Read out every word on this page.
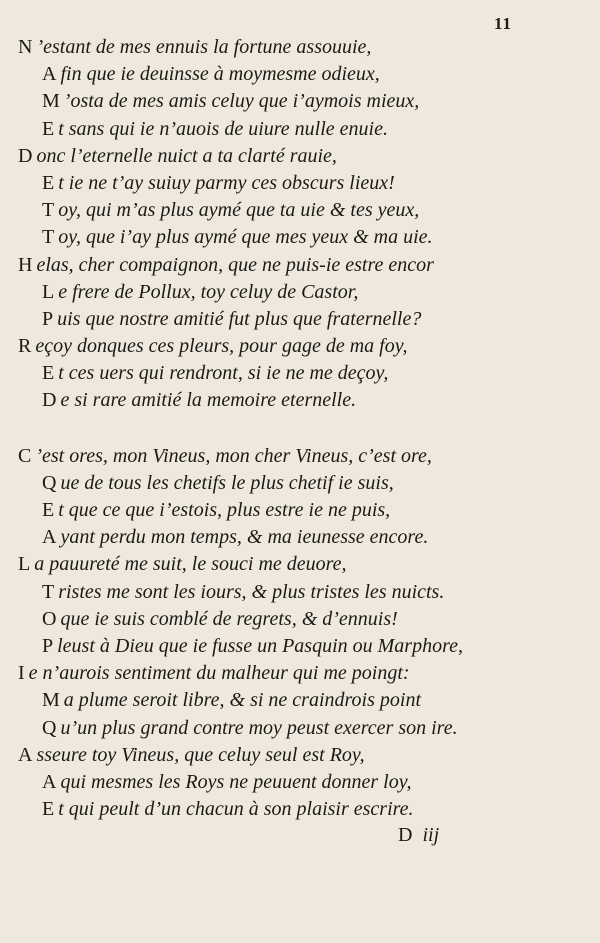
11
N ’estant de mes ennuis la fortune assouuie,
A fin que ie deuinsse à moymesme odieux,
M ’osta de mes amis celuy que i’aymois mieux,
E t sans qui ie n’auois de uiure nulle enuie.
D onc l’eternelle nuict a ta clarté rauie,
E t ie ne t’ay suiuy parmy ces obscurs lieux!
T oy, qui m’as plus aymé que ta uie & tes yeux,
T oy, que i’ay plus aymé que mes yeux & ma uie.
H elas, cher compaignon, que ne puis-ie estre encor
L e frere de Pollux, toy celuy de Castor,
P uis que nostre amitié fut plus que fraternelle?
R eçoy donques ces pleurs, pour gage de ma foy,
E t ces uers qui rendront, si ie ne me deçoy,
D e si rare amitié la memoire eternelle.
C ’est ores, mon Vineus, mon cher Vineus, c’est ore,
Q ue de tous les chetifs le plus chetif ie suis,
E t que ce que i’estois, plus estre ie ne puis,
A yant perdu mon temps, & ma ieunesse encore.
L a pauureté me suit, le souci me deuore,
T ristes me sont les iours, & plus tristes les nuicts.
O que ie suis comblé de regrets, & d’ennuis!
P leust à Dieu que ie fusse un Pasquin ou Marphore,
I e n’aurois sentiment du malheur qui me poingt:
M a plume seroit libre, & si ne craindrois point
Q u’un plus grand contre moy peust exercer son ire.
A sseure toy Vineus, que celuy seul est Roy,
A qui mesmes les Roys ne peuuent donner loy,
E t qui peult d’un chacun à son plaisir escrire.
D iij
